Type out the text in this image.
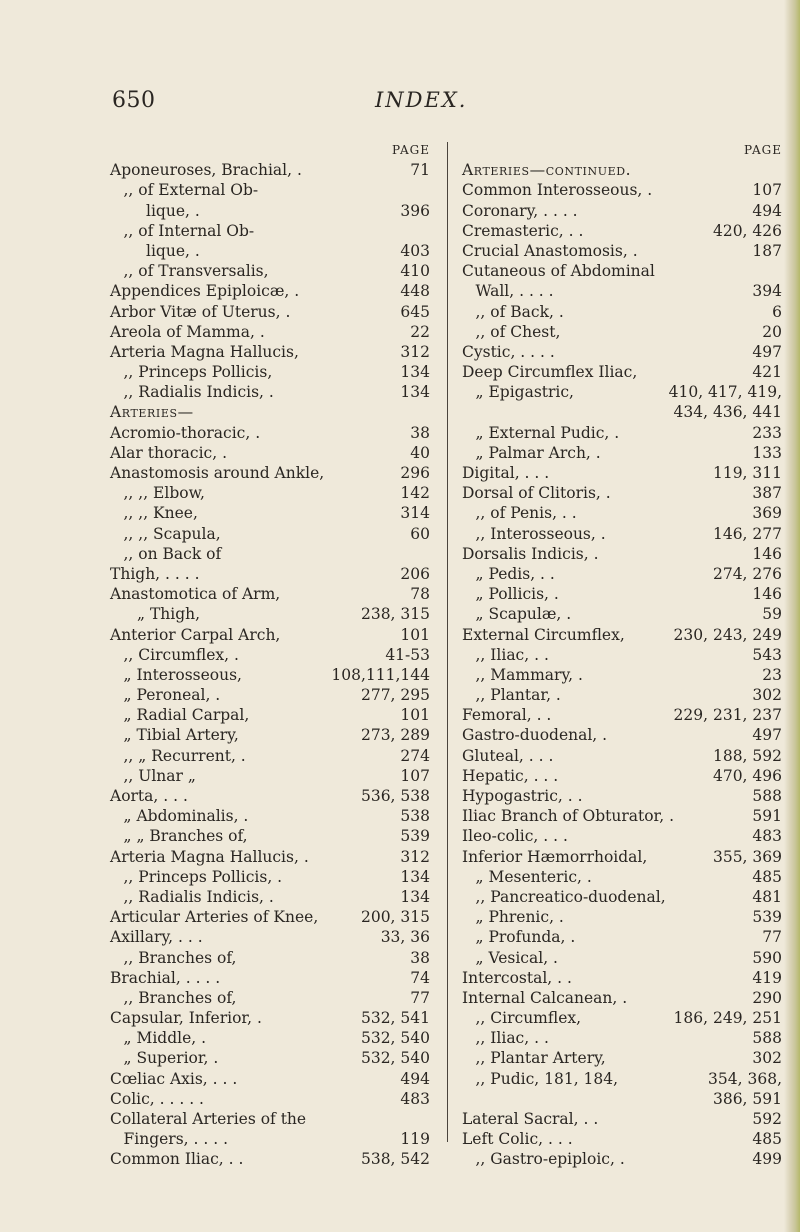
650	INDEX.
PAGE
Aponeuroses, Brachial, .	71
,, of External Ob-
lique, .	396
,, of Internal Ob-
lique, .	403
,, of Transversalis,	410
Appendices Epiploicæ, .	448
Arbor Vitæ of Uterus, .	645
Areola of Mamma, .	22
Arteria Magna Hallucis,	312
,, Princeps Pollicis,	134
,, Radialis Indicis, .	134
Arteries—
Acromio-thoracic, .	38
Alar thoracic, .	40
Anastomosis around Ankle,	296
,, ,, Elbow,	142
,, ,, Knee,	314
,, ,, Scapula,	60
,, on Back of
Thigh, . . . .	206
Anastomotica of Arm,	78
„ Thigh,	238, 315
Anterior Carpal Arch,	101
,, Circumflex, .	41-53
„ Interosseous,	108,111,144
„ Peroneal, .	277, 295
„ Radial Carpal,	101
„ Tibial Artery,	273, 289
,, „ Recurrent, .	274
,, Ulnar „	107
Aorta, . . .	536, 538
„ Abdominalis, .	538
„ „ Branches of,	539
Arteria Magna Hallucis, .	312
,, Princeps Pollicis, .	134
,, Radialis Indicis, .	134
Articular Arteries of Knee,	200, 315
Axillary, . . .	33, 36
,, Branches of,	38
Brachial, . . . .	74
,, Branches of,	77
Capsular, Inferior, .	532, 541
„ Middle, .	532, 540
„ Superior, .	532, 540
Cœliac Axis, . . .	494
Colic, . . . . .	483
Collateral Arteries of the
Fingers, . . . .	119
Common Iliac, . .	538, 542
PAGE
Arteries—continued.
Common Interosseous, .	107
Coronary, . . . .	494
Cremasteric, . .	420, 426
Crucial Anastomosis, .	187
Cutaneous of Abdominal
Wall, . . . .	394
,, of Back, .	6
,, of Chest,	20
Cystic, . . . .	497
Deep Circumflex Iliac,	421
„ Epigastric,	410, 417, 419,
434, 436, 441
„ External Pudic, .	233
„ Palmar Arch, .	133
Digital, . . .	119, 311
Dorsal of Clitoris, .	387
,, of Penis, . .	369
,, Interosseous, .	146, 277
Dorsalis Indicis, .	146
„ Pedis, . .	274, 276
„ Pollicis, .	146
„ Scapulæ, .	59
External Circumflex,	230, 243, 249
,, Iliac, . .	543
,, Mammary, .	23
,, Plantar, .	302
Femoral, . .	229, 231, 237
Gastro-duodenal, .	497
Gluteal, . . .	188, 592
Hepatic, . . .	470, 496
Hypogastric, . .	588
Iliac Branch of Obturator, .	591
Ileo-colic, . . .	483
Inferior Hæmorrhoidal,	355, 369
„ Mesenteric, .	485
,, Pancreatico-duodenal,	481
„ Phrenic, .	539
„ Profunda, .	77
„ Vesical, .	590
Intercostal, . .	419
Internal Calcanean, .	290
,, Circumflex,	186, 249, 251
,, Iliac, . .	588
,, Plantar Artery,	302
,, Pudic, 181, 184,	354, 368,
386, 591
Lateral Sacral, . .	592
Left Colic, . . .	485
,, Gastro-epiploic, .	499
